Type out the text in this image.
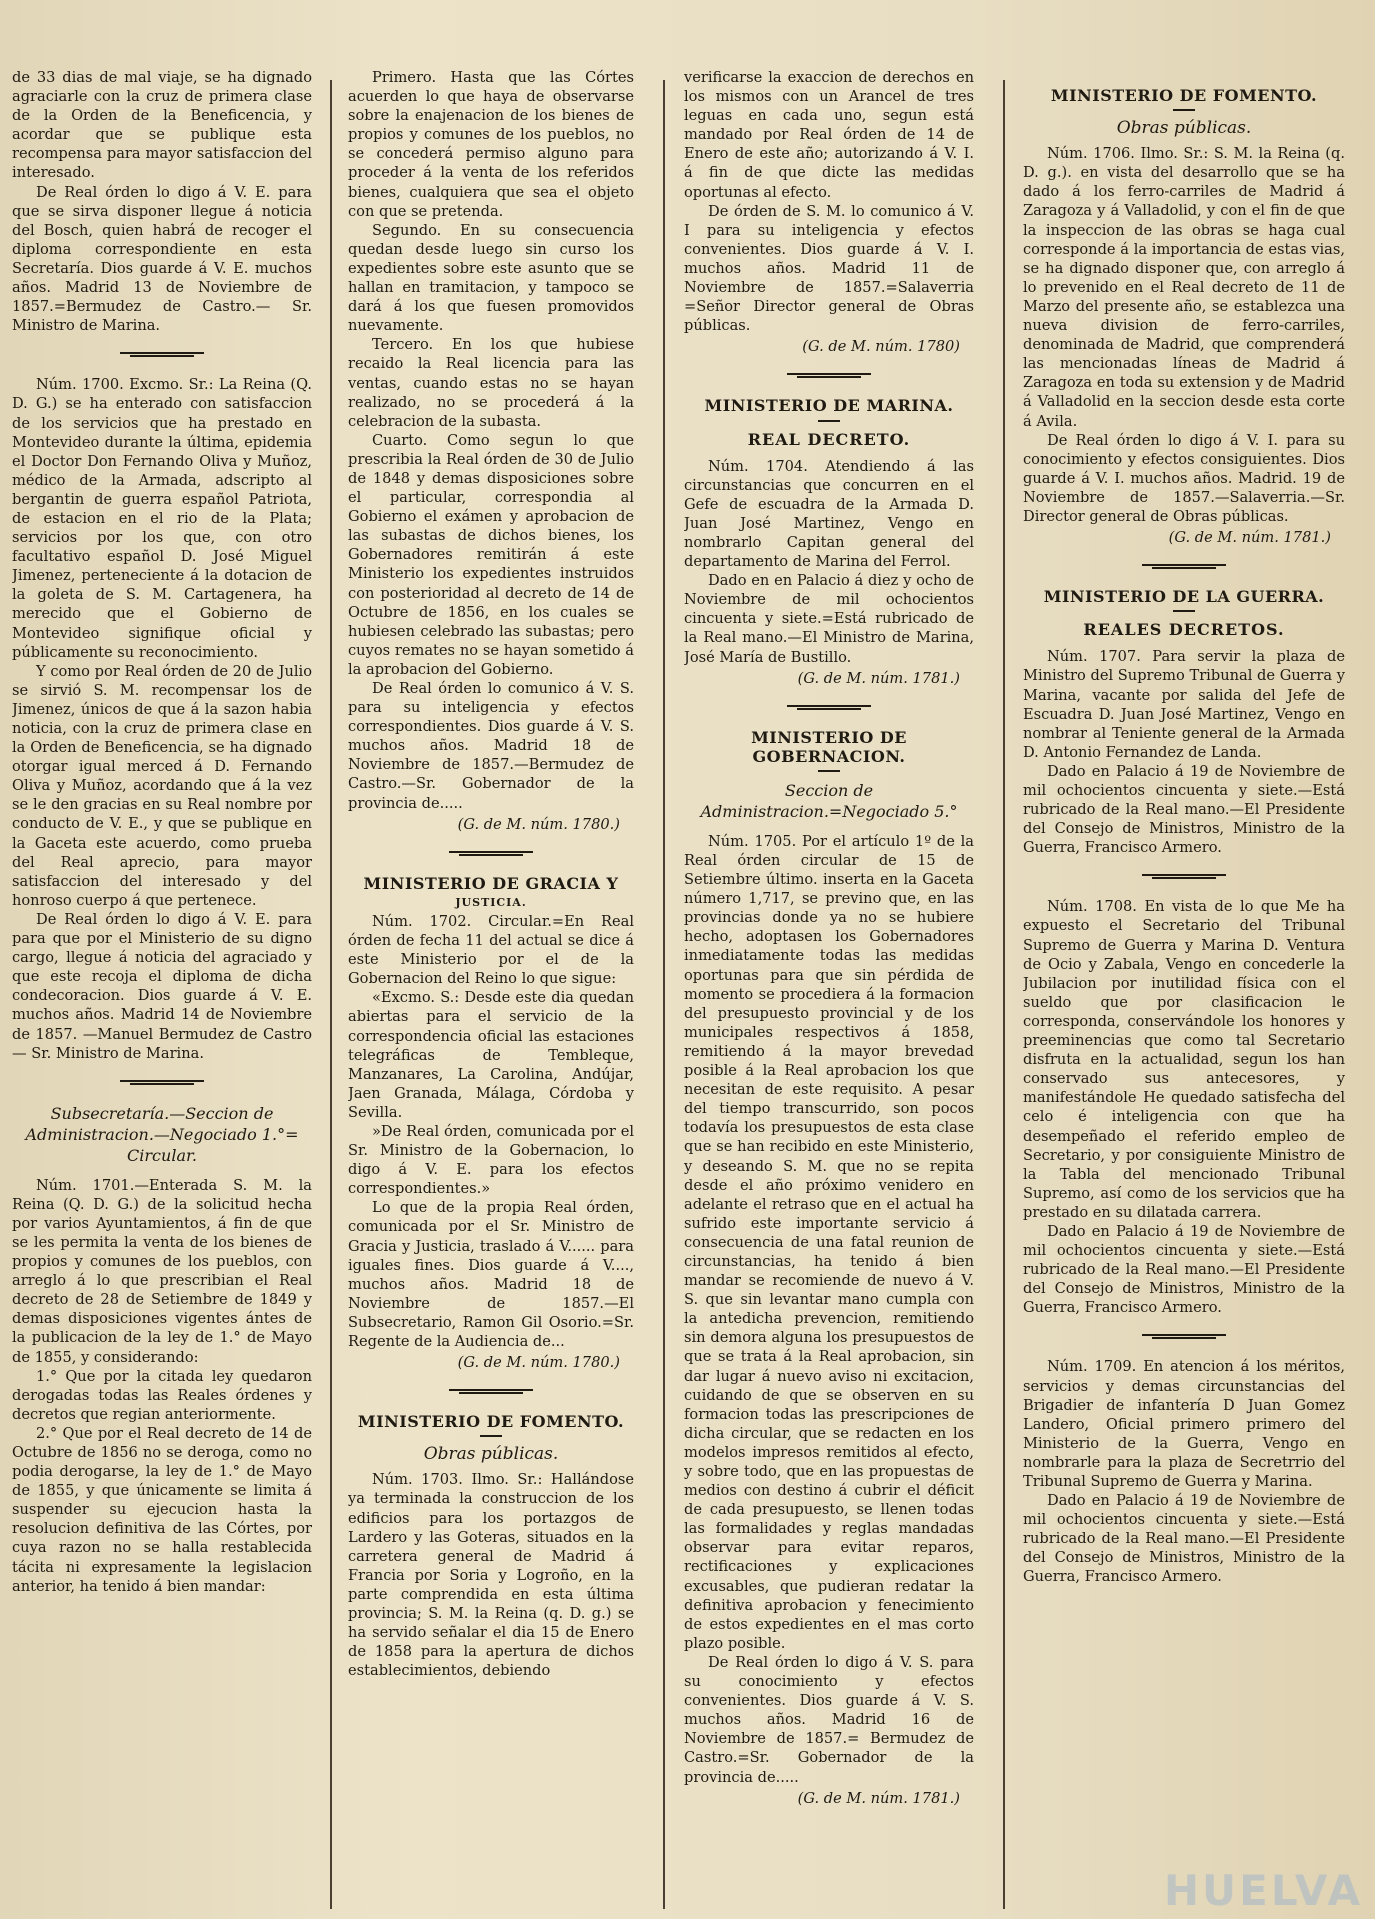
de 33 dias de mal viaje, se ha dignado agraciarle con la cruz de primera clase de la Orden de la Beneficencia, y acordar que se publique esta recompensa para mayor satisfaccion del interesado.

De Real órden lo digo á V. E. para que se sirva disponer llegue á noticia del Bosch, quien habrá de recoger el diploma correspondiente en esta Secretaría. Dios guarde á V. E. muchos años. Madrid 13 de Noviembre de 1857.=Bermudez de Castro.— Sr. Ministro de Marina.

Núm. 1700. Excmo. Sr.: La Reina (Q. D. G.) se ha enterado con satisfaccion de los servicios que ha prestado en Montevideo durante la última, epidemia el Doctor Don Fernando Oliva y Muñoz, médico de la Armada, adscripto al bergantin de guerra español Patriota, de estacion en el rio de la Plata; servicios por los que, con otro facultativo español D. José Miguel Jimenez, perteneciente á la dotacion de la goleta de S. M. Cartagenera, ha merecido que el Gobierno de Montevideo signifique oficial y públicamente su reconocimiento.

Y como por Real órden de 20 de Julio se sirvió S. M. recompensar los de Jimenez, únicos de que á la sazon habia noticia, con la cruz de primera clase en la Orden de Beneficencia, se ha dignado otorgar igual merced á D. Fernando Oliva y Muñoz, acordando que á la vez se le den gracias en su Real nombre por conducto de V. E., y que se publique en la Gaceta este acuerdo, como prueba del Real aprecio, para mayor satisfaccion del interesado y del honroso cuerpo á que pertenece.

De Real órden lo digo á V. E. para para que por el Ministerio de su digno cargo, llegue á noticia del agraciado y que este recoja el diploma de dicha condecoracion. Dios guarde á V. E. muchos años. Madrid 14 de Noviembre de 1857. —Manuel Bermudez de Castro — Sr. Ministro de Marina.

Subsecretaría.—Seccion de Administracion.—Negociado 1.°= Circular.

Núm. 1701.—Enterada S. M. la Reina (Q. D. G.) de la solicitud hecha por varios Ayuntamientos, á fin de que se les permita la venta de los bienes de propios y comunes de los pueblos, con arreglo á lo que prescribian el Real decreto de 28 de Setiembre de 1849 y demas disposiciones vigentes ántes de la publicacion de la ley de 1.° de Mayo de 1855, y considerando:

1.° Que por la citada ley quedaron derogadas todas las Reales órdenes y decretos que regian anteriormente.

2.° Que por el Real decreto de 14 de Octubre de 1856 no se deroga, como no podia derogarse, la ley de 1.° de Mayo de 1855, y que únicamente se limita á suspender su ejecucion hasta la resolucion definitiva de las Córtes, por cuya razon no se halla restablecida tácita ni expresamente la legislacion anterior, ha tenido á bien mandar:

Primero. Hasta que las Córtes acuerden lo que haya de observarse sobre la enajenacion de los bienes de propios y comunes de los pueblos, no se concederá permiso alguno para proceder á la venta de los referidos bienes, cualquiera que sea el objeto con que se pretenda.

Segundo. En su consecuencia quedan desde luego sin curso los expedientes sobre este asunto que se hallan en tramitacion, y tampoco se dará á los que fuesen promovidos nuevamente.

Tercero. En los que hubiese recaido la Real licencia para las ventas, cuando estas no se hayan realizado, no se procederá á la celebracion de la subasta.

Cuarto. Como segun lo que prescribia la Real órden de 30 de Julio de 1848 y demas disposiciones sobre el particular, correspondia al Gobierno el exámen y aprobacion de las subastas de dichos bienes, los Gobernadores remitirán á este Ministerio los expedientes instruidos con posterioridad al decreto de 14 de Octubre de 1856, en los cuales se hubiesen celebrado las subastas; pero cuyos remates no se hayan sometido á la aprobacion del Gobierno.

De Real órden lo comunico á V. S. para su inteligencia y efectos correspondientes. Dios guarde á V. S. muchos años. Madrid 18 de Noviembre de 1857.—Bermudez de Castro.—Sr. Gobernador de la provincia de.....

(G. de M. núm. 1780.)
MINISTERIO DE GRACIA Y
JUSTICIA.

Núm. 1702. Circular.=En Real órden de fecha 11 del actual se dice á este Ministerio por el de la Gobernacion del Reino lo que sigue:

«Excmo. S.: Desde este dia quedan abiertas para el servicio de la correspondencia oficial las estaciones telegráficas de Tembleque, Manzanares, La Carolina, Andújar, Jaen Granada, Málaga, Córdoba y Sevilla.

»De Real órden, comunicada por el Sr. Ministro de la Gobernacion, lo digo á V. E. para los efectos correspondientes.»

Lo que de la propia Real órden, comunicada por el Sr. Ministro de Gracia y Justicia, traslado á V...... para iguales fines. Dios guarde á V...., muchos años. Madrid 18 de Noviembre de 1857.—El Subsecretario, Ramon Gil Osorio.=Sr. Regente de la Audiencia de...

(G. de M. núm. 1780.)
MINISTERIO DE FOMENTO.
Obras públicas.

Núm. 1703. Ilmo. Sr.: Hallándose ya terminada la construccion de los edificios para los portazgos de Lardero y las Goteras, situados en la carretera general de Madrid á Francia por Soria y Logroño, en la parte comprendida en esta última provincia; S. M. la Reina (q. D. g.) se ha servido señalar el dia 15 de Enero de 1858 para la apertura de dichos establecimientos, debiendo

verificarse la exaccion de derechos en los mismos con un Arancel de tres leguas en cada uno, segun está mandado por Real órden de 14 de Enero de este año; autorizando á V. I. á fin de que dicte las medidas oportunas al efecto.

De órden de S. M. lo comunico á V. I para su inteligencia y efectos convenientes. Dios guarde á V. I. muchos años. Madrid 11 de Noviembre de 1857.=Salaverria =Señor Director general de Obras públicas.

(G. de M. núm. 1780)
MINISTERIO DE MARINA.
REAL DECRETO.

Núm. 1704. Atendiendo á las circunstancias que concurren en el Gefe de escuadra de la Armada D. Juan José Martinez, Vengo en nombrarlo Capitan general del departamento de Marina del Ferrol.

Dado en en Palacio á diez y ocho de Noviembre de mil ochocientos cincuenta y siete.=Está rubricado de la Real mano.—El Ministro de Marina, José María de Bustillo.

(G. de M. núm. 1781.)
MINISTERIO DE GOBERNACION.
Seccion de Administracion.=Negociado 5.°

Núm. 1705. Por el artículo 1º de la Real órden circular de 15 de Setiembre último. inserta en la Gaceta número 1,717, se previno que, en las provincias donde ya no se hubiere hecho, adoptasen los Gobernadores inmediatamente todas las medidas oportunas para que sin pérdida de momento se procediera á la formacion del presupuesto provincial y de los municipales respectivos á 1858, remitiendo á la mayor brevedad posible á la Real aprobacion los que necesitan de este requisito. A pesar del tiempo transcurrido, son pocos todavía los presupuestos de esta clase que se han recibido en este Ministerio, y deseando S. M. que no se repita desde el año próximo venidero en adelante el retraso que en el actual ha sufrido este importante servicio á consecuencia de una fatal reunion de circunstancias, ha tenido á bien mandar se recomiende de nuevo á V. S. que sin levantar mano cumpla con la antedicha prevencion, remitiendo sin demora alguna los presupuestos de que se trata á la Real aprobacion, sin dar lugar á nuevo aviso ni excitacion, cuidando de que se observen en su formacion todas las prescripciones de dicha circular, que se redacten en los modelos impresos remitidos al efecto, y sobre todo, que en las propuestas de medios con destino á cubrir el déficit de cada presupuesto, se llenen todas las formalidades y reglas mandadas observar para evitar reparos, rectificaciones y explicaciones excusables, que pudieran redatar la definitiva aprobacion y fenecimiento de estos expedientes en el mas corto plazo posible.

De Real órden lo digo á V. S. para su conocimiento y efectos convenientes. Dios guarde á V. S. muchos años. Madrid 16 de Noviembre de 1857.= Bermudez de Castro.=Sr. Gobernador de la provincia de.....

(G. de M. núm. 1781.)
MINISTERIO DE FOMENTO.
Obras públicas.

Núm. 1706. Ilmo. Sr.: S. M. la Reina (q. D. g.). en vista del desarrollo que se ha dado á los ferro-carriles de Madrid á Zaragoza y á Valladolid, y con el fin de que la inspeccion de las obras se haga cual corresponde á la importancia de estas vias, se ha dignado disponer que, con arreglo á lo prevenido en el Real decreto de 11 de Marzo del presente año, se establezca una nueva division de ferro-carriles, denominada de Madrid, que comprenderá las mencionadas líneas de Madrid á Zaragoza en toda su extension y de Madrid á Valladolid en la seccion desde esta corte á Avila.

De Real órden lo digo á V. I. para su conocimiento y efectos consiguientes. Dios guarde á V. I. muchos años. Madrid. 19 de Noviembre de 1857.—Salaverria.—Sr. Director general de Obras públicas.

(G. de M. núm. 1781.)
MINISTERIO DE LA GUERRA.
REALES DECRETOS.

Núm. 1707. Para servir la plaza de Ministro del Supremo Tribunal de Guerra y Marina, vacante por salida del Jefe de Escuadra D. Juan José Martinez, Vengo en nombrar al Teniente general de la Armada D. Antonio Fernandez de Landa.

Dado en Palacio á 19 de Noviembre de mil ochocientos cincuenta y siete.—Está rubricado de la Real mano.—El Presidente del Consejo de Ministros, Ministro de la Guerra, Francisco Armero.

Núm. 1708. En vista de lo que Me ha expuesto el Secretario del Tribunal Supremo de Guerra y Marina D. Ventura de Ocio y Zabala, Vengo en concederle la Jubilacion por inutilidad física con el sueldo que por clasificacion le corresponda, conservándole los honores y preeminencias que como tal Secretario disfruta en la actualidad, segun los han conservado sus antecesores, y manifestándole He quedado satisfecha del celo é inteligencia con que ha desempeñado el referido empleo de Secretario, y por consiguiente Ministro de la Tabla del mencionado Tribunal Supremo, así como de los servicios que ha prestado en su dilatada carrera.

Dado en Palacio á 19 de Noviembre de mil ochocientos cincuenta y siete.—Está rubricado de la Real mano.—El Presidente del Consejo de Ministros, Ministro de la Guerra, Francisco Armero.

Núm. 1709. En atencion á los méritos, servicios y demas circunstancias del Brigadier de infantería D Juan Gomez Landero, Oficial primero primero del Ministerio de la Guerra, Vengo en nombrarle para la plaza de Secretrrio del Tribunal Supremo de Guerra y Marina.

Dado en Palacio á 19 de Noviembre de mil ochocientos cincuenta y siete.—Está rubricado de la Real mano.—El Presidente del Consejo de Ministros, Ministro de la Guerra, Francisco Armero.

HUELVA
